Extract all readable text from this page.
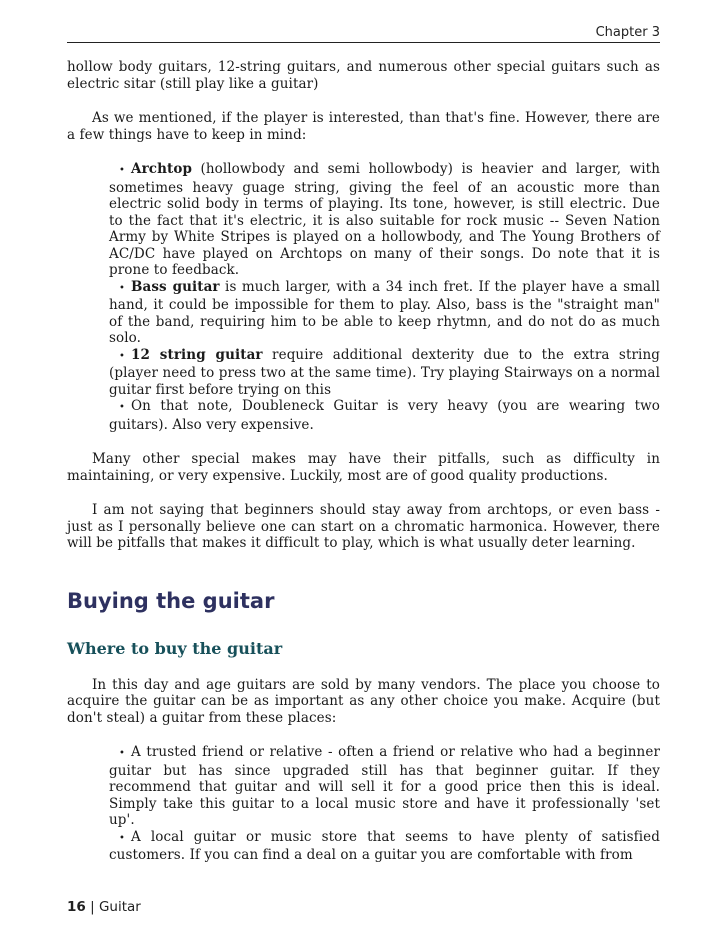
Chapter 3

hollow body guitars, 12-string guitars, and numerous other special guitars such as electric sitar (still play like a guitar)

As we mentioned, if the player is interested, than that's fine. However, there are a few things have to keep in mind:

• Archtop (hollowbody and semi hollowbody) is heavier and larger, with sometimes heavy guage string, giving the feel of an acoustic more than electric solid body in terms of playing. Its tone, however, is still electric. Due to the fact that it's electric, it is also suitable for rock music -- Seven Nation Army by White Stripes is played on a hollowbody, and The Young Brothers of AC/DC have played on Archtops on many of their songs. Do note that it is prone to feedback.
• Bass guitar is much larger, with a 34 inch fret. If the player have a small hand, it could be impossible for them to play. Also, bass is the "straight man" of the band, requiring him to be able to keep rhytmn, and do not do as much solo.
• 12 string guitar require additional dexterity due to the extra string (player need to press two at the same time). Try playing Stairways on a normal guitar first before trying on this
• On that note, Doubleneck Guitar is very heavy (you are wearing two guitars). Also very expensive.

Many other special makes may have their pitfalls, such as difficulty in maintaining, or very expensive. Luckily, most are of good quality productions.

I am not saying that beginners should stay away from archtops, or even bass - just as I personally believe one can start on a chromatic harmonica. However, there will be pitfalls that makes it difficult to play, which is what usually deter learning.

Buying the guitar
Where to buy the guitar

In this day and age guitars are sold by many vendors. The place you choose to acquire the guitar can be as important as any other choice you make. Acquire (but don't steal) a guitar from these places:

• A trusted friend or relative - often a friend or relative who had a beginner guitar but has since upgraded still has that beginner guitar. If they recommend that guitar and will sell it for a good price then this is ideal. Simply take this guitar to a local music store and have it professionally 'set up'.
• A local guitar or music store that seems to have plenty of satisfied customers. If you can find a deal on a guitar you are comfortable with from
16 | Guitar
